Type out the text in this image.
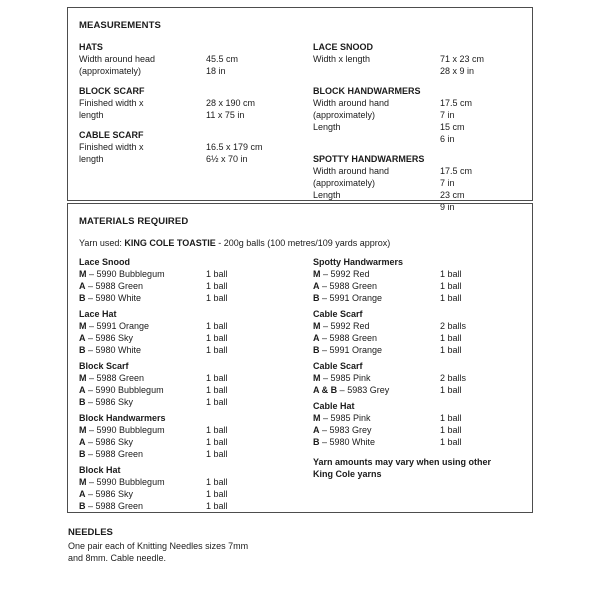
MEASUREMENTS
HATS
Width around head	45.5 cm
(approximately)	18 in
BLOCK SCARF
Finished width x	28 x 190 cm
length	11 x 75 in
CABLE SCARF
Finished width x	16.5 x 179 cm
length	6½ x 70 in
LACE SNOOD
Width x length	71 x 23 cm
28 x 9 in
BLOCK HANDWARMERS
Width around hand	17.5 cm
(approximately)	7 in
Length	15 cm
6 in
SPOTTY HANDWARMERS
Width around hand	17.5 cm
(approximately)	7 in
Length	23 cm
9 in
MATERIALS REQUIRED
Yarn used: KING COLE TOASTIE - 200g balls (100 metres/109 yards approx)
Lace Snood
M – 5990 Bubblegum	1 ball
A – 5988 Green	1 ball
B – 5980 White	1 ball
Lace Hat
M – 5991 Orange	1 ball
A – 5986 Sky	1 ball
B – 5980 White	1 ball
Block Scarf
M – 5988 Green	1 ball
A – 5990 Bubblegum	1 ball
B – 5986 Sky	1 ball
Block Handwarmers
M – 5990 Bubblegum	1 ball
A – 5986 Sky	1 ball
B – 5988 Green	1 ball
Block Hat
M – 5990 Bubblegum	1 ball
A – 5986 Sky	1 ball
B – 5988 Green	1 ball
Spotty Handwarmers
M – 5992 Red	1 ball
A – 5988 Green	1 ball
B – 5991 Orange	1 ball
Cable Scarf
M – 5992 Red	2 balls
A – 5988 Green	1 ball
B – 5991 Orange	1 ball
Cable Scarf
M – 5985 Pink	2 balls
A & B – 5983 Grey	1 ball
Cable Hat
M – 5985 Pink	1 ball
A – 5983 Grey	1 ball
B – 5980 White	1 ball
Yarn amounts may vary when using other
King Cole yarns
NEEDLES
One pair each of Knitting Needles sizes 7mm
and 8mm. Cable needle.
